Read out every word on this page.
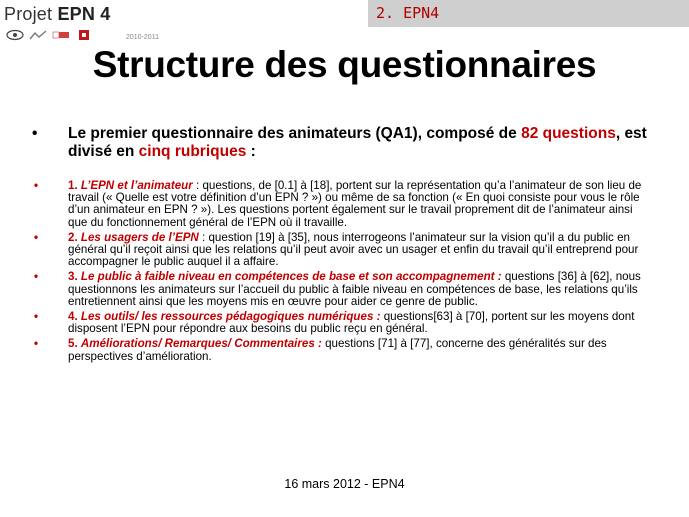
Projet EPN 4
2010-2011
2. EPN4
Structure des questionnaires
• Le premier questionnaire des animateurs (QA1), composé de 82 questions, est divisé en cinq rubriques :
•	1. L’EPN et l’animateur : questions, de [0.1] à [18], portent sur la représentation qu’a l’animateur de son lieu de travail (« Quelle est votre définition d’un EPN ? ») ou même de sa fonction (« En quoi consiste pour vous le rôle d’un animateur en EPN ? »). Les questions portent également sur le travail proprement dit de l’animateur ainsi que du fonctionnement général de l’EPN où il travaille.
•	2. Les usagers de l’EPN : question [19] à [35], nous interrogeons l’animateur sur la vision qu’il a du public en général qu’il reçoit ainsi que les relations qu’il peut avoir avec un usager et enfin du travail qu’il entreprend pour accompagner le public auquel il a affaire.
•	3. Le public à faible niveau en compétences de base et son accompagnement : questions [36] à [62], nous questionnons les animateurs sur l’accueil du public à faible niveau en compétences de base, les relations qu’ils entretiennent ainsi que les moyens mis en œuvre pour aider ce genre de public.
•	4. Les outils/ les ressources pédagogiques numériques : questions[63] à [70], portent sur les moyens dont disposent l’EPN pour répondre aux besoins du public reçu en général.
•	5. Améliorations/ Remarques/ Commentaires : questions [71] à [77], concerne des généralités sur des perspectives d’amélioration.
16 mars 2012 - EPN4
